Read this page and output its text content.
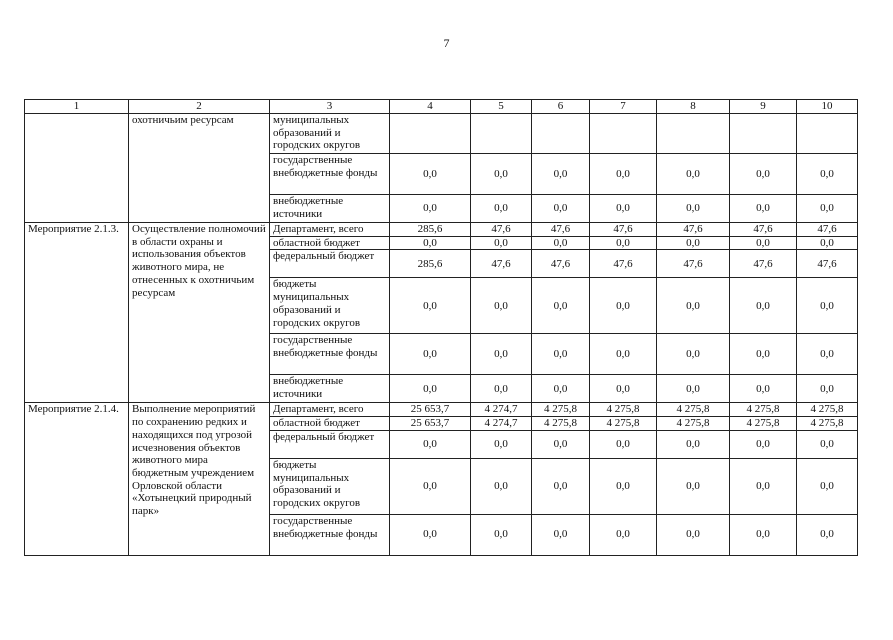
7
1	2	3	4	5	6	7	8	9	10
	охотничьим ресурсам	муниципальных образований и городских округов							
		государственные внебюджетные фонды	0,0	0,0	0,0	0,0	0,0	0,0	0,0
		внебюджетные источники	0,0	0,0	0,0	0,0	0,0	0,0	0,0
Мероприятие 2.1.3.	Осуществление полномочий в области охраны и использования объектов животного мира, не отнесенных к охотничьим ресурсам	Департамент, всего	285,6	47,6	47,6	47,6	47,6	47,6	47,6
		областной бюджет	0,0	0,0	0,0	0,0	0,0	0,0	0,0
		федеральный бюджет	285,6	47,6	47,6	47,6	47,6	47,6	47,6
		бюджеты муниципальных образований и городских округов	0,0	0,0	0,0	0,0	0,0	0,0	0,0
		государственные внебюджетные фонды	0,0	0,0	0,0	0,0	0,0	0,0	0,0
		внебюджетные источники	0,0	0,0	0,0	0,0	0,0	0,0	0,0
Мероприятие 2.1.4.	Выполнение мероприятий по сохранению редких и находящихся под угрозой исчезновения объектов животного мира бюджетным учреждением Орловской области «Хотынецкий природный парк»	Департамент, всего	25 653,7	4 274,7	4 275,8	4 275,8	4 275,8	4 275,8	4 275,8
		областной бюджет	25 653,7	4 274,7	4 275,8	4 275,8	4 275,8	4 275,8	4 275,8
		федеральный бюджет	0,0	0,0	0,0	0,0	0,0	0,0	0,0
		бюджеты муниципальных образований и городских округов	0,0	0,0	0,0	0,0	0,0	0,0	0,0
		государственные внебюджетные фонды	0,0	0,0	0,0	0,0	0,0	0,0	0,0
